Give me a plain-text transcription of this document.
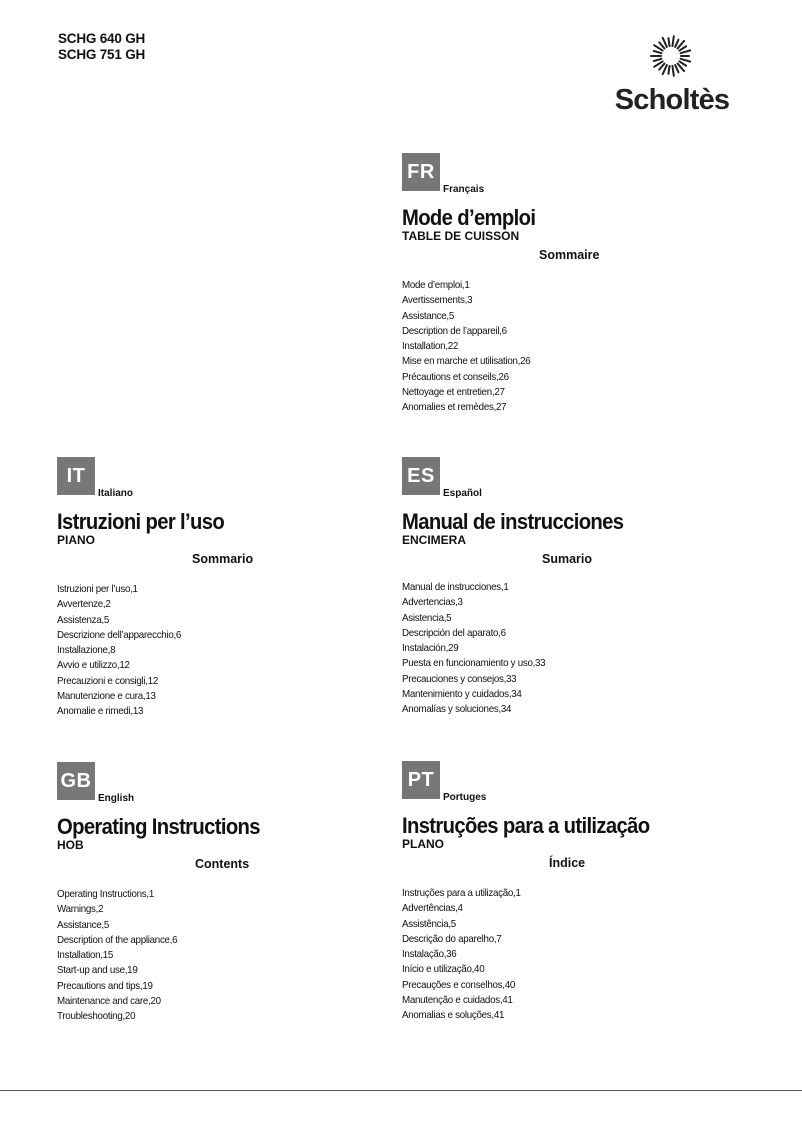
SCHG 640 GH
SCHG 751 GH
Scholtès
FR
Français
Mode d’emploi
TABLE DE CUISSON
Sommaire
Mode d’emploi,1
Avertissements,3
Assistance,5
Description de l’appareil,6
Installation,22
Mise en marche et utilisation,26
Précautions et conseils,26
Nettoyage et entretien,27
Anomalies et remèdes,27
IT
Italiano
Istruzioni per l’uso
PIANO
Sommario
Istruzioni per l’uso,1
Avvertenze,2
Assistenza,5
Descrizione dell’apparecchio,6
Installazione,8
Avvio e utilizzo,12
Precauzioni e consigli,12
Manutenzione e cura,13
Anomalie e rimedi,13
ES
Español
Manual de instrucciones
ENCIMERA
Sumario
Manual de instrucciones,1
Advertencias,3
Asistencia,5
Descripción del aparato,6
Instalación,29
Puesta en funcionamiento y uso,33
Precauciones y consejos,33
Mantenimiento y cuidados,34
Anomalías y soluciones,34
GB
English
Operating Instructions
HOB
Contents
Operating Instructions,1
Warnings,2
Assistance,5
Description of the appliance,6
Installation,15
Start-up and use,19
Precautions and tips,19
Maintenance and care,20
Troubleshooting,20
PT
Portuges
Instruções para a utilização
PLANO
Índice
Instruções para a utilização,1
Advertências,4
Assistência,5
Descrição do aparelho,7
Instalação,36
Início e utilização,40
Precauções e conselhos,40
Manutenção e cuidados,41
Anomalias e soluções,41
